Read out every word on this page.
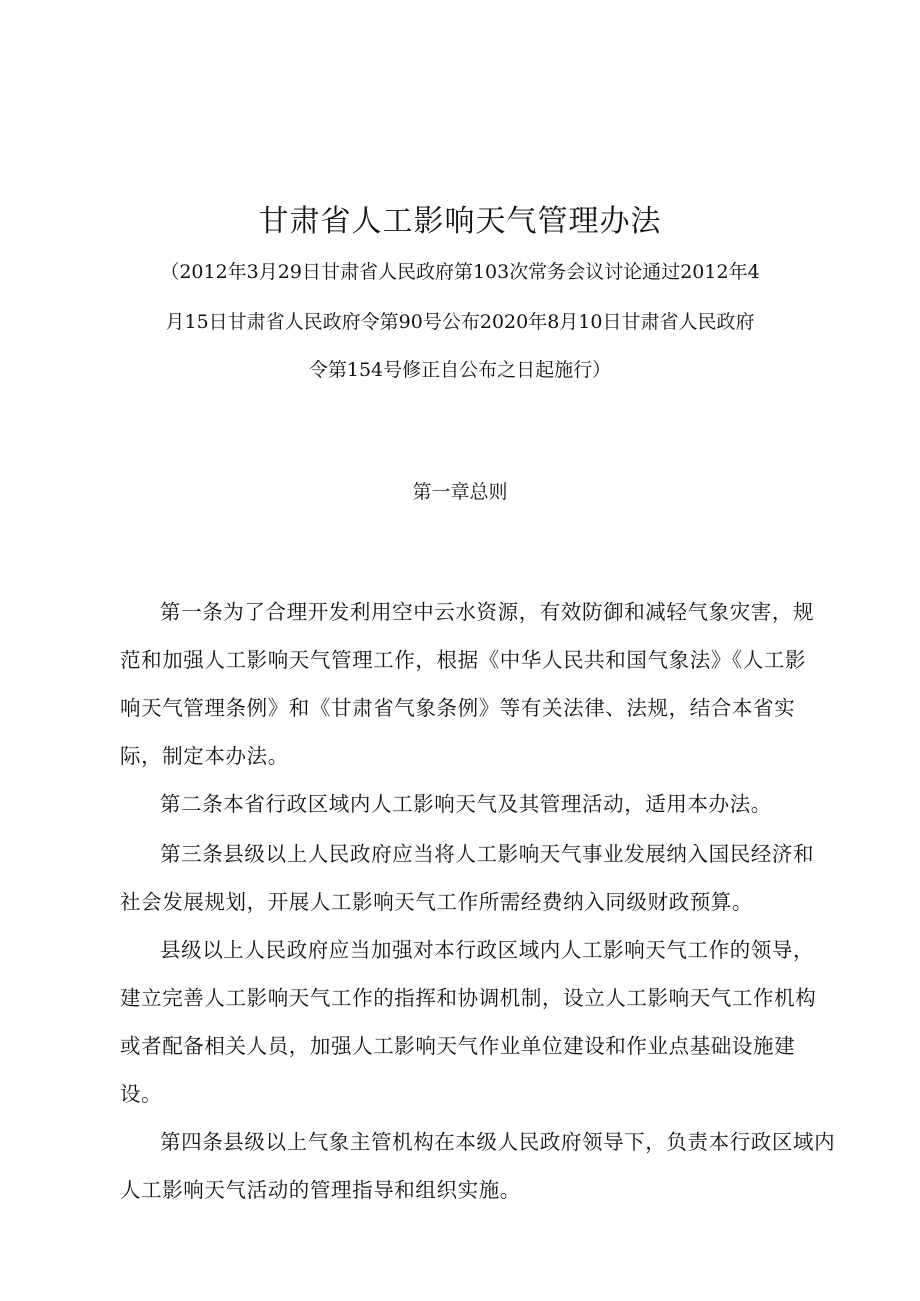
甘肃省人工影响天气管理办法
（2012年3月29日甘肃省人民政府第103次常务会议讨论通过2012年4
月15日甘肃省人民政府令第90号公布2020年8月10日甘肃省人民政府
令第154号修正自公布之日起施行）
第一章总则
第一条为了合理开发利用空中云水资源，有效防御和减轻气象灾害，规
范和加强人工影响天气管理工作，根据《中华人民共和国气象法》《人工影
响天气管理条例》和《甘肃省气象条例》等有关法律、法规，结合本省实
际，制定本办法。
第二条本省行政区域内人工影响天气及其管理活动，适用本办法。
第三条县级以上人民政府应当将人工影响天气事业发展纳入国民经济和
社会发展规划，开展人工影响天气工作所需经费纳入同级财政预算。
县级以上人民政府应当加强对本行政区域内人工影响天气工作的领导，
建立完善人工影响天气工作的指挥和协调机制，设立人工影响天气工作机构
或者配备相关人员，加强人工影响天气作业单位建设和作业点基础设施建
设。
第四条县级以上气象主管机构在本级人民政府领导下，负责本行政区域内
人工影响天气活动的管理指导和组织实施。
